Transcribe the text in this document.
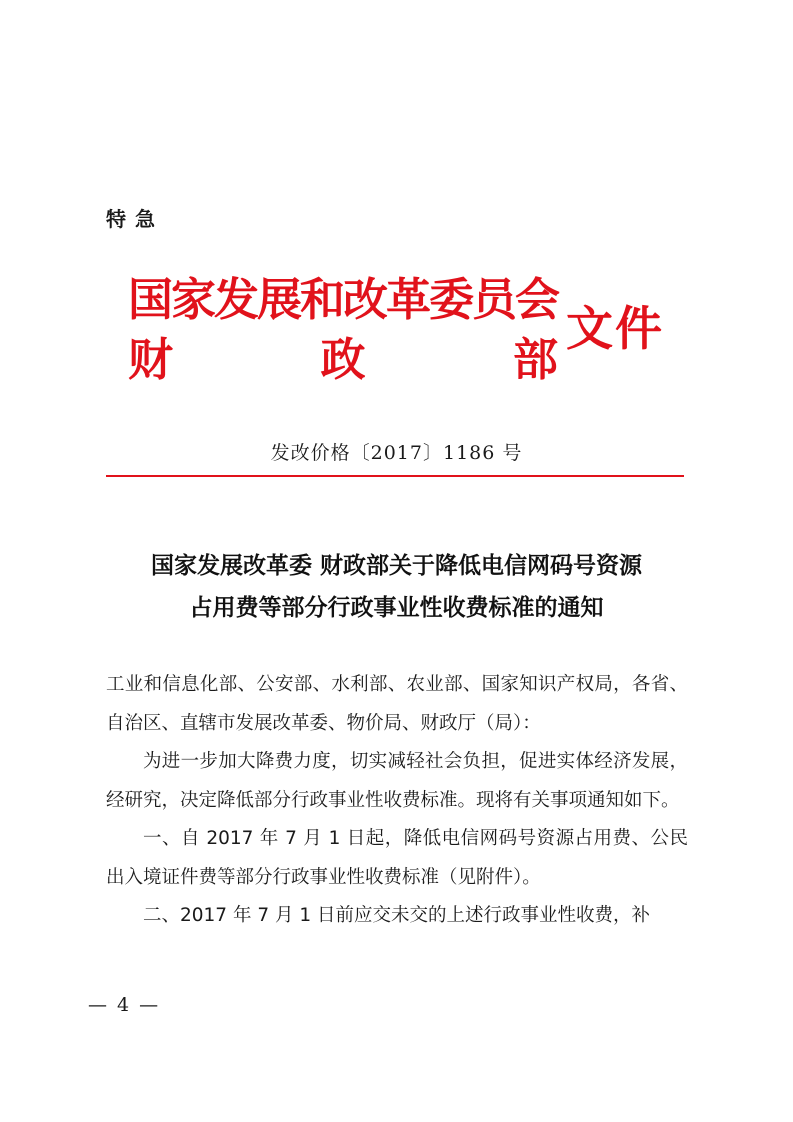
特急
国家发展和改革委员会
财	政	部
文件
发改价格〔2017〕1186 号
国家发展改革委 财政部关于降低电信网码号资源
占用费等部分行政事业性收费标准的通知

工业和信息化部、公安部、水利部、农业部、国家知识产权局，各省、自治区、直辖市发展改革委、物价局、财政厅（局）：

为进一步加大降费力度，切实减轻社会负担，促进实体经济发展，经研究，决定降低部分行政事业性收费标准。现将有关事项通知如下。

一、自 2017 年 7 月 1 日起，降低电信网码号资源占用费、公民出入境证件费等部分行政事业性收费标准（见附件）。

二、2017 年 7 月 1 日前应交未交的上述行政事业性收费，补

— 4 —
